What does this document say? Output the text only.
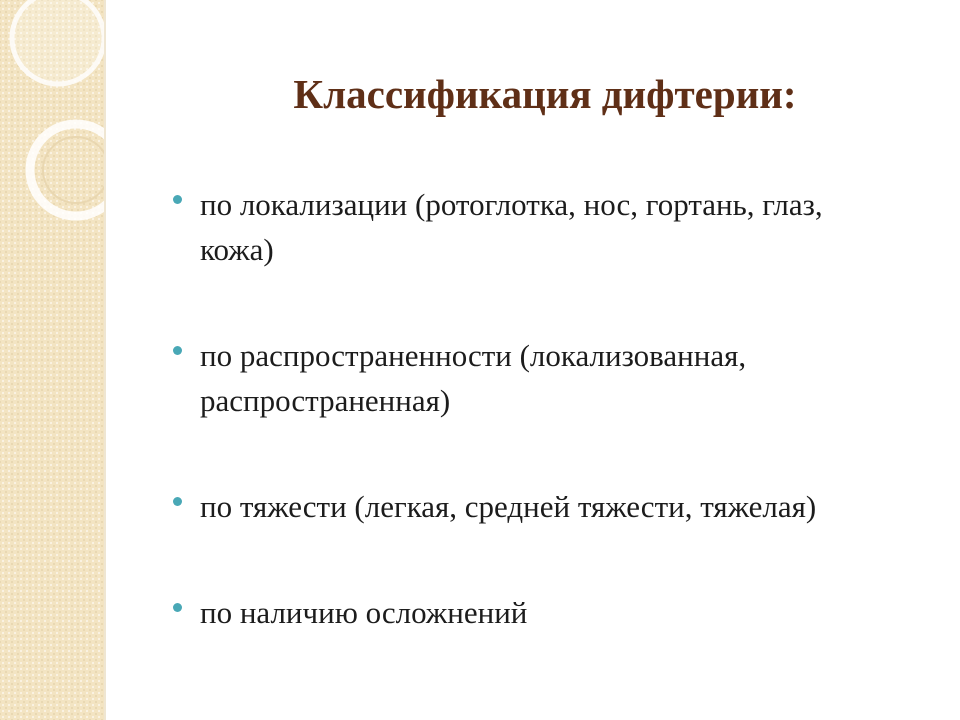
Классификация дифтерии:
по локализации (ротоглотка, нос, гортань, глаз, кожа)
по распространенности (локализованная, распространенная)
по тяжести (легкая, средней тяжести, тяжелая)
по наличию осложнений
